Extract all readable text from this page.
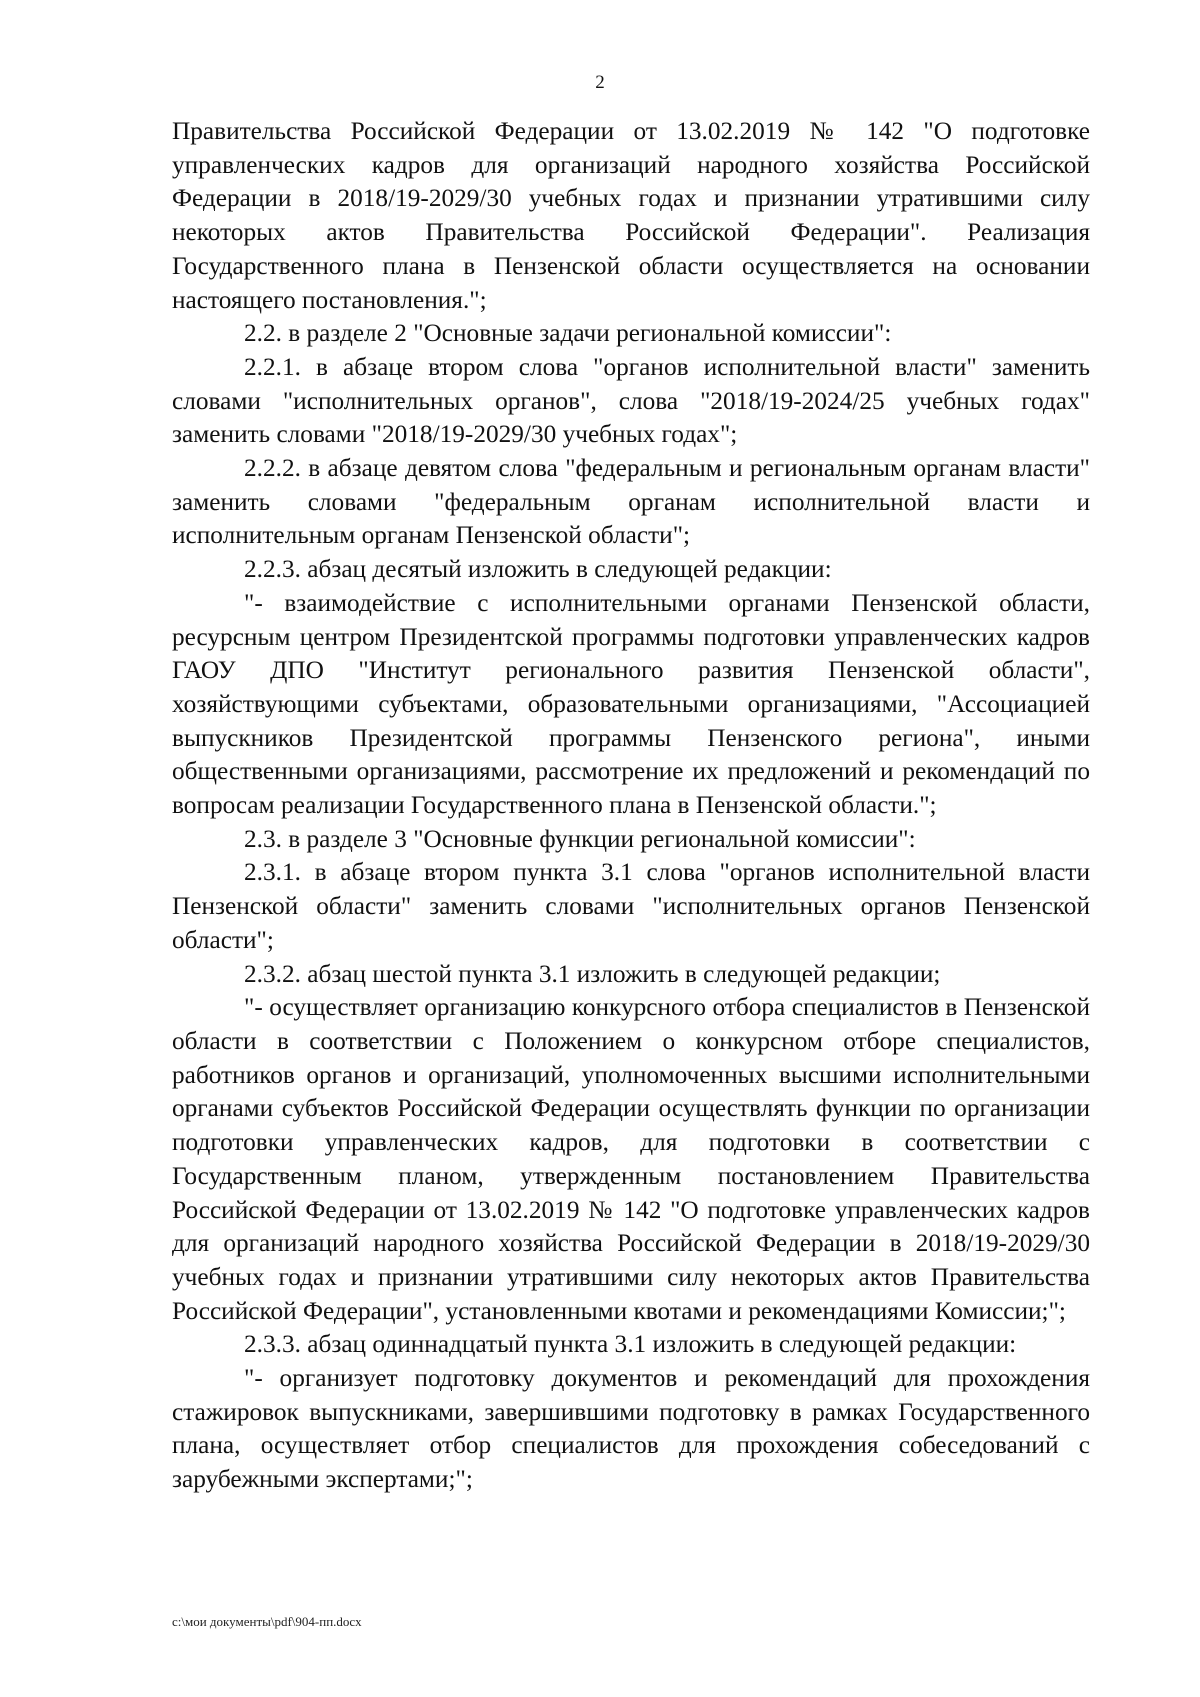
2

Правительства Российской Федерации от 13.02.2019 № 142 "О подготовке управленческих кадров для организаций народного хозяйства Российской Федерации в 2018/19-2029/30 учебных годах и признании утратившими силу некоторых актов Правительства Российской Федерации". Реализация Государственного плана в Пензенской области осуществляется на основании настоящего постановления.";

2.2. в разделе 2 "Основные задачи региональной комиссии":

2.2.1. в абзаце втором слова "органов исполнительной власти" заменить словами "исполнительных органов", слова "2018/19-2024/25 учебных годах" заменить словами "2018/19-2029/30 учебных годах";

2.2.2. в абзаце девятом слова "федеральным и региональным органам власти" заменить словами "федеральным органам исполнительной власти и исполнительным органам Пензенской области";

2.2.3. абзац десятый изложить в следующей редакции:

"- взаимодействие с исполнительными органами Пензенской области, ресурсным центром Президентской программы подготовки управленческих кадров ГАОУ ДПО "Институт регионального развития Пензенской области", хозяйствующими субъектами, образовательными организациями, "Ассоциацией выпускников Президентской программы Пензенского региона", иными общественными организациями, рассмотрение их предложений и рекомендаций по вопросам реализации Государственного плана в Пензенской области.";

2.3. в разделе 3 "Основные функции региональной комиссии":

2.3.1. в абзаце втором пункта 3.1 слова "органов исполнительной власти Пензенской области" заменить словами "исполнительных органов Пензенской области";

2.3.2. абзац шестой пункта 3.1 изложить в следующей редакции;

"- осуществляет организацию конкурсного отбора специалистов в Пензенской области в соответствии с Положением о конкурсном отборе специалистов, работников органов и организаций, уполномоченных высшими исполнительными органами субъектов Российской Федерации осуществлять функции по организации подготовки управленческих кадров, для подготовки в соответствии с Государственным планом, утвержденным постановлением Правительства Российской Федерации от 13.02.2019 № 142 "О подготовке управленческих кадров для организаций народного хозяйства Российской Федерации в 2018/19-2029/30 учебных годах и признании утратившими силу некоторых актов Правительства Российской Федерации", установленными квотами и рекомендациями Комиссии;";

2.3.3. абзац одиннадцатый пункта 3.1 изложить в следующей редакции:

"- организует подготовку документов и рекомендаций для прохождения стажировок выпускниками, завершившими подготовку в рамках Государственного плана, осуществляет отбор специалистов для прохождения собеседований с зарубежными экспертами;";

c:\мои документы\pdf\904-пп.docx
